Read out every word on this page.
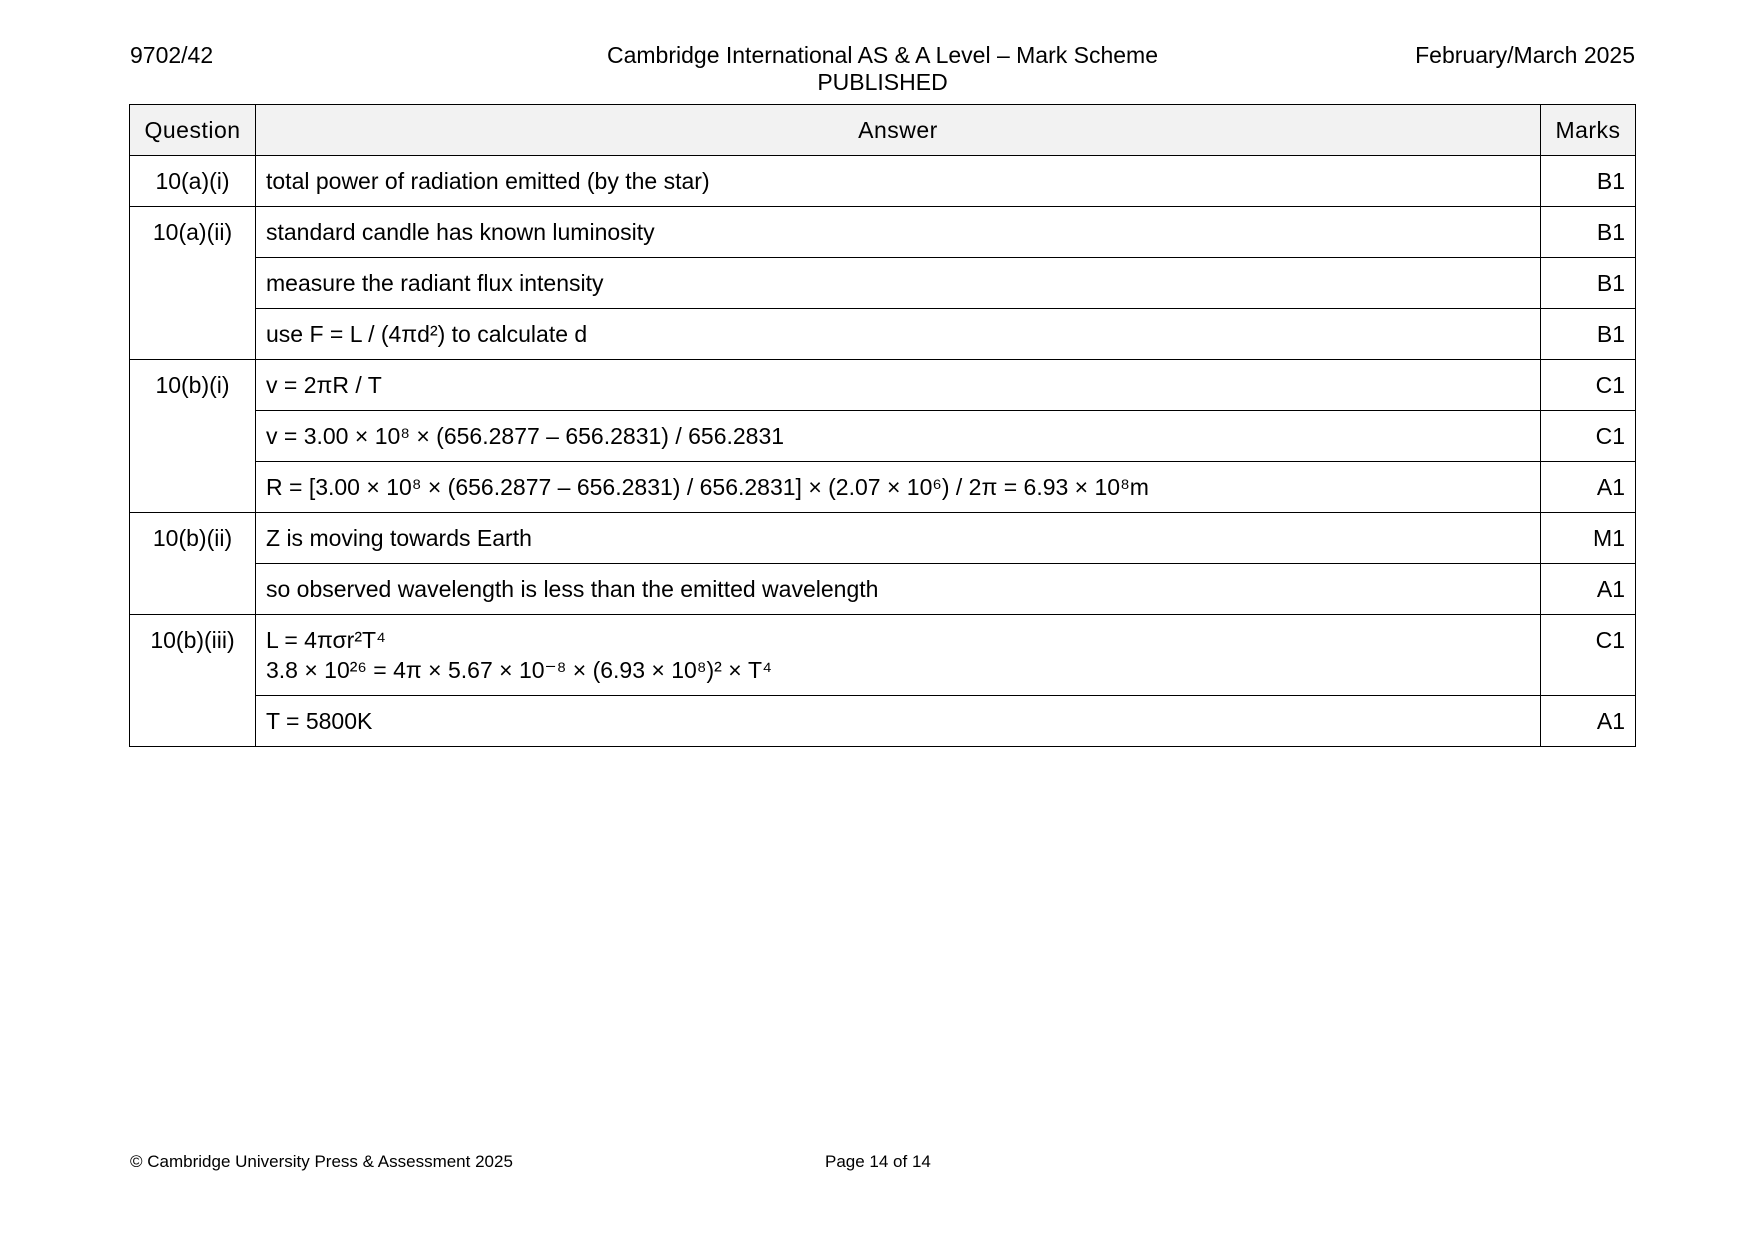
9702/42	Cambridge International AS & A Level – Mark Scheme
PUBLISHED
February/March 2025
Question	Answer	Marks
10(a)(i)	total power of radiation emitted (by the star)	B1
10(a)(ii)	standard candle has known luminosity	B1

	measure the radiant flux intensity	B1

	use F = L / (4πd²) to calculate d	B1
10(b)(i)	v = 2πR / T	C1

	v = 3.00 × 10⁸ × (656.2877 – 656.2831) / 656.2831	C1

	R = [3.00 × 10⁸ × (656.2877 – 656.2831) / 656.2831] × (2.07 × 10⁶) / 2π = 6.93 × 10⁸m	A1
10(b)(ii)	Z is moving towards Earth	M1

	so observed wavelength is less than the emitted wavelength	A1
10(b)(iii)	L = 4πσr²T⁴
3.8 × 10²⁶ = 4π × 5.67 × 10⁻⁸ × (6.93 × 10⁸)² × T⁴	C1

	T = 5800K	A1
© Cambridge University Press & Assessment 2025	Page 14 of 14
